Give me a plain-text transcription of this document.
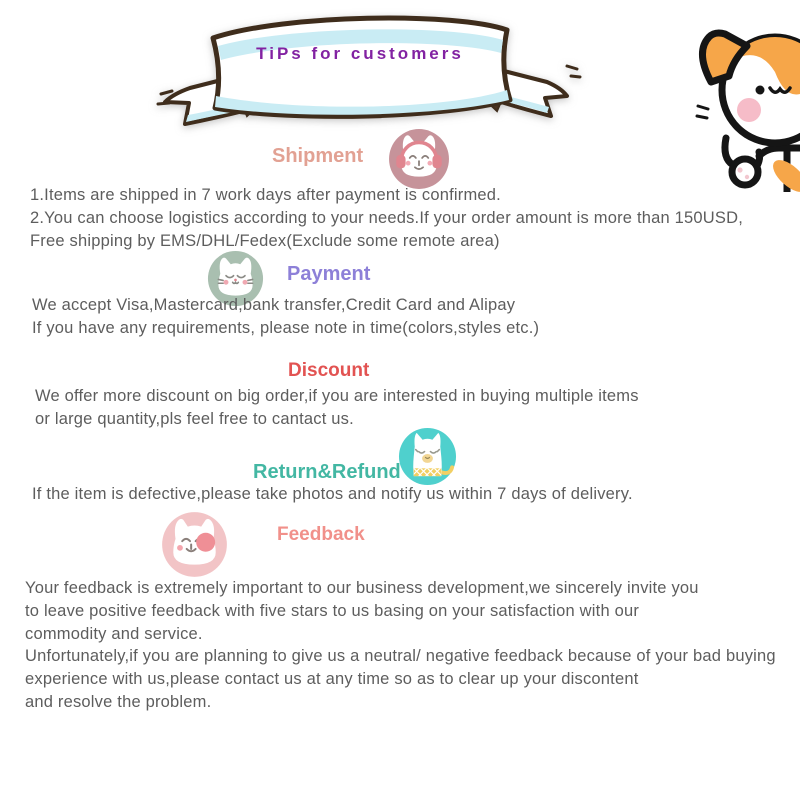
TiPs for customers
Shipment
1.Items are shipped in 7 work days after payment is confirmed.
2.You can choose logistics according to your needs.If your order amount is more than 150USD,
Free shipping by EMS/DHL/Fedex(Exclude some remote area)
Payment
We accept Visa,Mastercard,bank transfer,Credit Card and Alipay
If you have any requirements, please note in time(colors,styles etc.)
Discount
We offer more discount on big order,if you are interested in buying multiple items
or large quantity,pls feel free to cantact us.
Return&Refund
If the item is defective,please take photos and notify us within 7 days of delivery.
Feedback
Your feedback is extremely important to our business development,we sincerely invite you
to leave positive feedback with five stars to us basing on your satisfaction with our
commodity and service.
Unfortunately,if you are planning to give us a neutral/ negative feedback because of your bad buying
experience with us,please contact us at any time so as to clear up your discontent
and resolve the problem.
